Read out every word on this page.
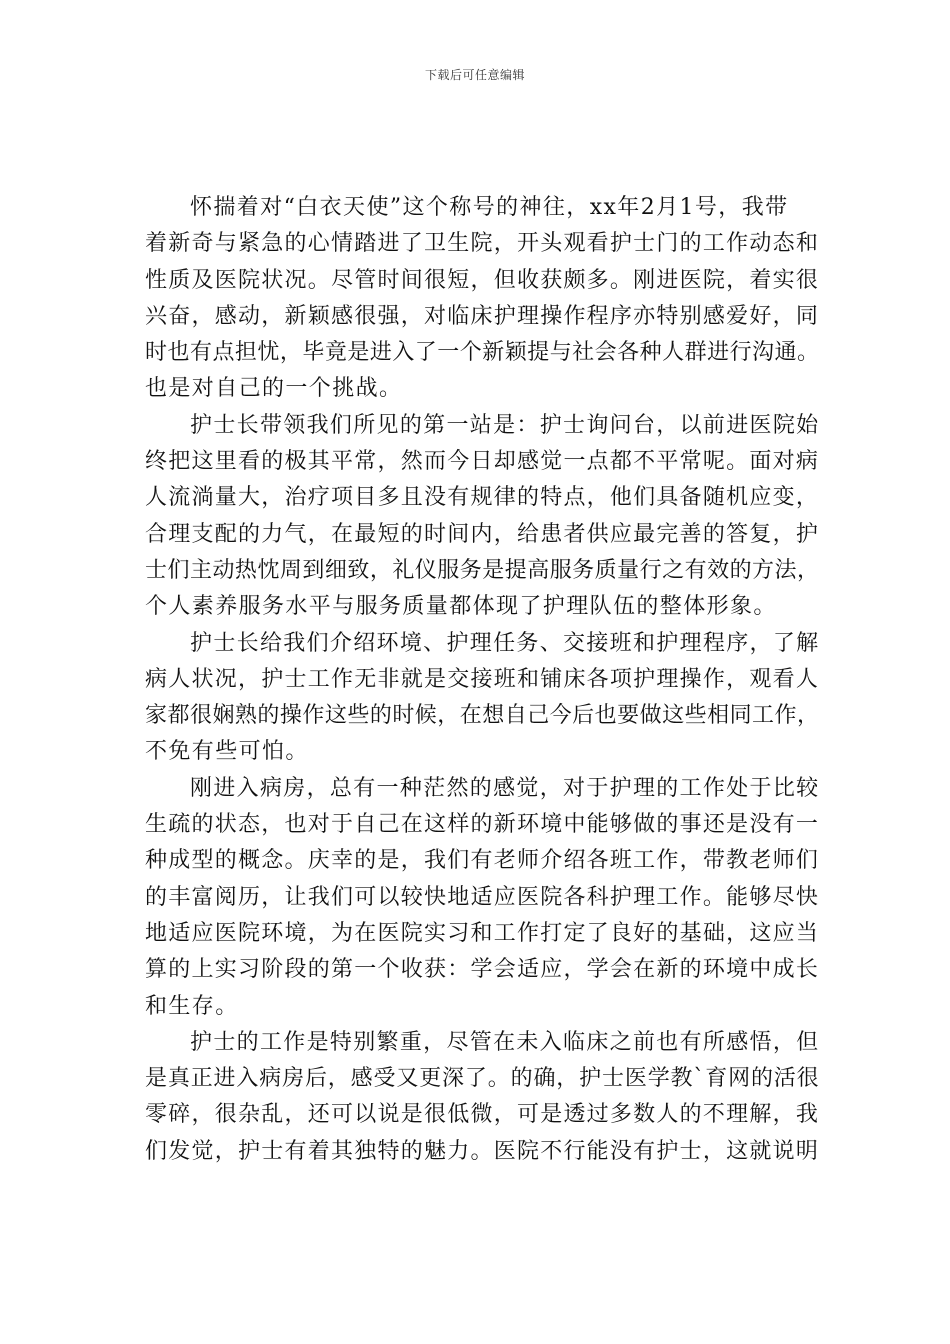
下载后可任意编辑
怀揣着对“白衣天使”这个称号的神往，xx年2月1号，我带
着新奇与紧急的心情踏进了卫生院，开头观看护士门的工作动态和
性质及医院状况。尽管时间很短，但收获颇多。刚进医院，着实很
兴奋，感动，新颖感很强，对临床护理操作程序亦特别感爱好，同
时也有点担忧，毕竟是进入了一个新颖提与社会各种人群进行沟通。
也是对自己的一个挑战。
护士长带领我们所见的第一站是：护士询问台，以前进医院始
终把这里看的极其平常，然而今日却感觉一点都不平常呢。面对病
人流淌量大，治疗项目多且没有规律的特点，他们具备随机应变，
合理支配的力气，在最短的时间内，给患者供应最完善的答复，护
士们主动热忱周到细致，礼仪服务是提高服务质量行之有效的方法，
个人素养服务水平与服务质量都体现了护理队伍的整体形象。
护士长给我们介绍环境、护理任务、交接班和护理程序，了解
病人状况，护士工作无非就是交接班和铺床各项护理操作，观看人
家都很娴熟的操作这些的时候，在想自己今后也要做这些相同工作，
不免有些可怕。
刚进入病房，总有一种茫然的感觉，对于护理的工作处于比较
生疏的状态，也对于自己在这样的新环境中能够做的事还是没有一
种成型的概念。庆幸的是，我们有老师介绍各班工作，带教老师们
的丰富阅历，让我们可以较快地适应医院各科护理工作。能够尽快
地适应医院环境，为在医院实习和工作打定了良好的基础，这应当
算的上实习阶段的第一个收获：学会适应，学会在新的环境中成长
和生存。
护士的工作是特别繁重，尽管在未入临床之前也有所感悟，但
是真正进入病房后，感受又更深了。的确，护士医学教`育网的活很
零碎，很杂乱，还可以说是很低微，可是透过多数人的不理解，我
们发觉，护士有着其独特的魅力。医院不行能没有护士，这就说明
